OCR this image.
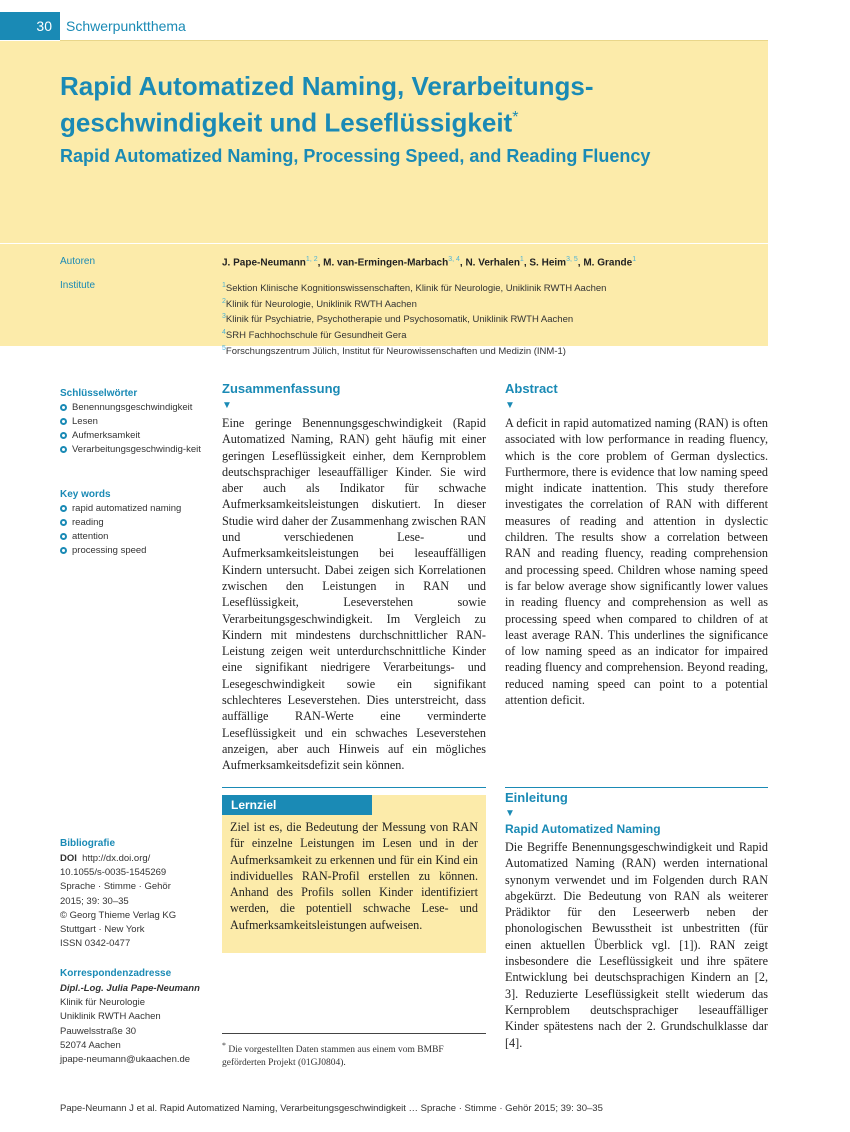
30	Schwerpunktthema
Rapid Automatized Naming, Verarbeitungs-
geschwindigkeit und Leseflüssigkeit*
Rapid Automatized Naming, Processing Speed, and Reading Fluency
Autoren
Institute
J. Pape-Neumann$^{1, 2}$, M. van-Ermingen-Marbach$^{3, 4}$, N. Verhalen$^1$, S. Heim$^{3, 5}$, M. Grande$^1$
$^1$Sektion Klinische Kognitionswissenschaften, Klinik für Neurologie, Uniklinik RWTH Aachen
$^2$Klinik für Neurologie, Uniklinik RWTH Aachen
$^3$Klinik für Psychiatrie, Psychotherapie und Psychosomatik, Uniklinik RWTH Aachen
$^4$SRH Fachhochschule für Gesundheit Gera
$^5$Forschungszentrum Jülich, Institut für Neurowissenschaften und Medizin (INM-1)
Schlüsselwörter
Benennungsgeschwindigkeit
Lesen
Aufmerksamkeit
Verarbeitungsgeschwindig-keit
Key words
rapid automatized naming
reading
attention
processing speed
Bibliografie
DOI http://dx.doi.org/
10.1055/s-0035-1545269
Sprache · Stimme · Gehör
2015; 39: 30–35
© Georg Thieme Verlag KG
Stuttgart · New York
ISSN 0342-0477
Korrespondenzadresse
Dipl.-Log. Julia Pape-Neumann
Klinik für Neurologie
Uniklinik RWTH Aachen
Pauwelsstraße 30
52074 Aachen
jpape-neumann@ukaachen.de
Zusammenfassung
▼
Eine geringe Benennungsgeschwindigkeit (Rapid Automatized Naming, RAN) geht häufig mit einer geringen Leseflüssigkeit einher, dem Kernproblem deutschsprachiger leseauffälliger Kinder. Sie wird aber auch als Indikator für schwache Aufmerksamkeitsleistungen diskutiert. In dieser Studie wird daher der Zusammenhang zwischen RAN und verschiedenen Lese- und Aufmerksamkeitsleistungen bei leseauffälligen Kindern untersucht. Dabei zeigen sich Korrelationen zwischen den Leistungen in RAN und Leseflüssigkeit, Leseverstehen sowie Verarbeitungsgeschwindigkeit. Im Vergleich zu Kindern mit mindestens durchschnittlicher RAN-Leistung zeigen weit unterdurchschnittliche Kinder eine signifikant niedrigere Verarbeitungs- und Lesegeschwindigkeit sowie ein signifikant schlechteres Leseverstehen. Dies unterstreicht, dass auffällige RAN-Werte eine verminderte Leseflüssigkeit und ein schwaches Leseverstehen anzeigen, aber auch Hinweis auf ein mögliches Aufmerksamkeitsdefizit sein können.
Abstract
▼
A deficit in rapid automatized naming (RAN) is often associated with low performance in reading fluency, which is the core problem of German dyslectics. Furthermore, there is evidence that low naming speed might indicate inattention. This study therefore investigates the correlation of RAN with different measures of reading and attention in dyslectic children. The results show a correlation between RAN and reading fluency, reading comprehension and processing speed. Children whose naming speed is far below average show significantly lower values in reading fluency and comprehension as well as processing speed when compared to children of at least average RAN. This underlines the significance of low naming speed as an indicator for impaired reading fluency and comprehension. Beyond reading, reduced naming speed can point to a potential attention deficit.
Lernziel
Ziel ist es, die Bedeutung der Messung von RAN für einzelne Leistungen im Lesen und in der Aufmerksamkeit zu erkennen und für ein Kind ein individuelles RAN-Profil erstellen zu können. Anhand des Profils sollen Kinder identifiziert werden, die potentiell schwache Lese- und Aufmerksamkeitsleistungen aufweisen.
Einleitung
▼
Rapid Automatized Naming
Die Begriffe Benennungsgeschwindigkeit und Rapid Automatized Naming (RAN) werden international synonym verwendet und im Folgenden durch RAN abgekürzt. Die Bedeutung von RAN als weiterer Prädiktor für den Leseerwerb neben der phonologischen Bewusstheit ist unbestritten (für einen aktuellen Überblick vgl. [1]). RAN zeigt insbesondere die Leseflüssigkeit und ihre spätere Entwicklung bei deutschsprachigen Kindern an [2, 3]. Reduzierte Leseflüssigkeit stellt wiederum das Kernproblem deutschsprachiger leseauffälliger Kinder spätestens nach der 2. Grundschulklasse dar [4].
* Die vorgestellten Daten stammen aus einem vom BMBF geförderten Projekt (01GJ0804).
Pape-Neumann J et al. Rapid Automatized Naming, Verarbeitungsgeschwindigkeit … Sprache · Stimme · Gehör 2015; 39: 30–35
